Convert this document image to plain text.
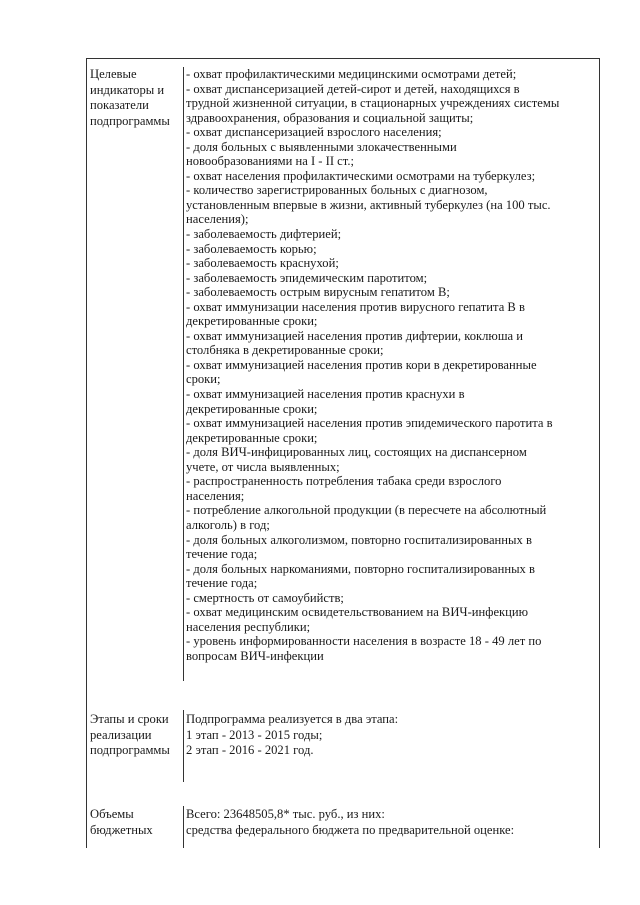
Целевые
индикаторы и
показатели
подпрограммы
- охват профилактическими медицинскими осмотрами детей;
- охват диспансеризацией детей-сирот и детей, находящихся в
трудной жизненной ситуации, в стационарных учреждениях системы
здравоохранения, образования и социальной защиты;
- охват диспансеризацией взрослого населения;
- доля больных с выявленными злокачественными
новообразованиями на I - II ст.;
- охват населения профилактическими осмотрами на туберкулез;
- количество зарегистрированных больных с диагнозом,
установленным впервые в жизни, активный туберкулез (на 100 тыс.
населения);
- заболеваемость дифтерией;
- заболеваемость корью;
- заболеваемость краснухой;
- заболеваемость эпидемическим паротитом;
- заболеваемость острым вирусным гепатитом В;
- охват иммунизации населения против вирусного гепатита В в
декретированные сроки;
- охват иммунизацией населения против дифтерии, коклюша и
столбняка в декретированные сроки;
- охват иммунизацией населения против кори в декретированные
сроки;
- охват иммунизацией населения против краснухи в
декретированные сроки;
- охват иммунизацией населения против эпидемического паротита в
декретированные сроки;
- доля ВИЧ-инфицированных лиц, состоящих на диспансерном
учете, от числа выявленных;
- распространенность потребления табака среди взрослого
населения;
- потребление алкогольной продукции (в пересчете на абсолютный
алкоголь) в год;
- доля больных алкоголизмом, повторно госпитализированных в
течение года;
- доля больных наркоманиями, повторно госпитализированных в
течение года;
- смертность от самоубийств;
- охват медицинским освидетельствованием на ВИЧ-инфекцию
населения республики;
- уровень информированности населения в возрасте 18 - 49 лет по
вопросам ВИЧ-инфекции
Этапы и сроки
реализации
подпрограммы
Подпрограмма реализуется в два этапа:
1 этап - 2013 - 2015 годы;
2 этап - 2016 - 2021 год.
Объемы
бюджетных
Всего: 23648505,8* тыс. руб., из них:
средства федерального бюджета по предварительной оценке:
